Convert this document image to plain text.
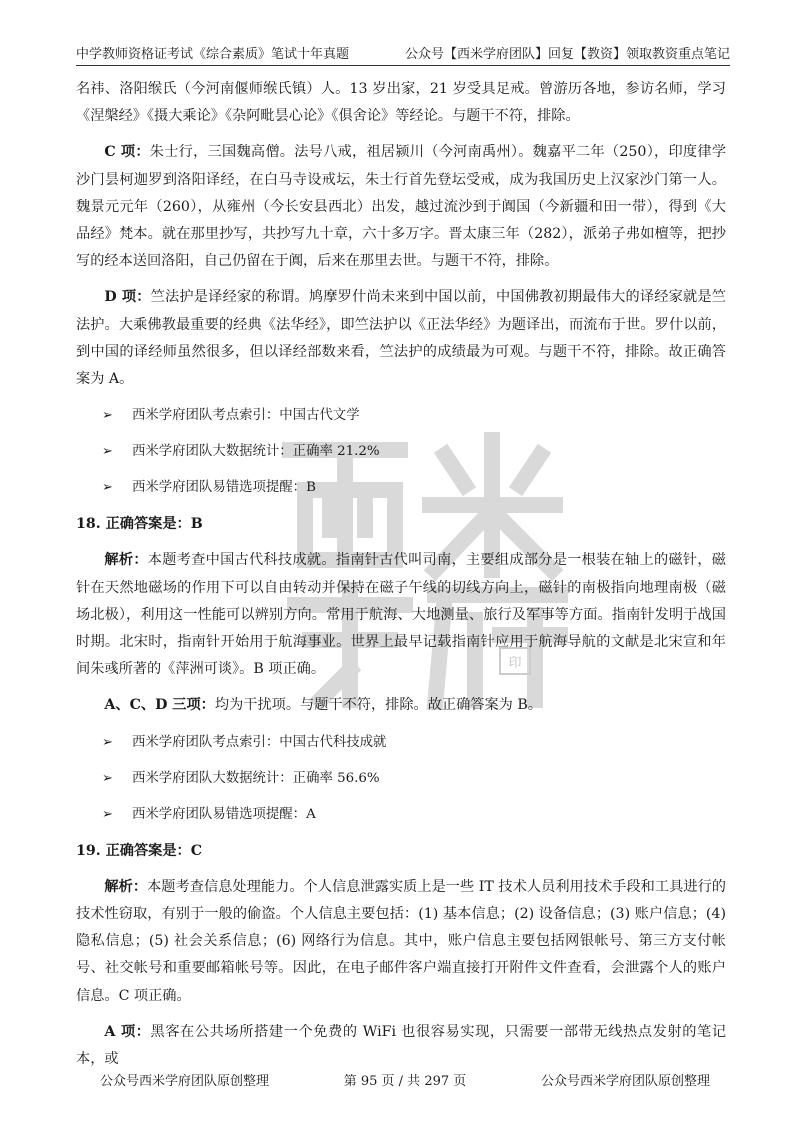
中学教师资格证考试《综合素质》笔试十年真题	公众号【西米学府团队】回复【教资】领取教资重点笔记
印

名祎、洛阳缑氏（今河南偃师缑氏镇）人。13 岁出家，21 岁受具足戒。曾游历各地，参访名师，学习《涅槃经》《摄大乘论》《杂阿毗昙心论》《俱舍论》等经论。与题干不符，排除。

C 项：朱士行，三国魏高僧。法号八戒，祖居颍川（今河南禹州）。魏嘉平二年（250），印度律学沙门昙柯迦罗到洛阳译经，在白马寺设戒坛，朱士行首先登坛受戒，成为我国历史上汉家沙门第一人。魏景元元年（260），从雍州（今长安县西北）出发，越过流沙到于阗国（今新疆和田一带），得到《大品经》梵本。就在那里抄写，共抄写九十章，六十多万字。晋太康三年（282），派弟子弗如檀等，把抄写的经本送回洛阳，自己仍留在于阗，后来在那里去世。与题干不符，排除。

D 项：竺法护是译经家的称谓。鸠摩罗什尚未来到中国以前，中国佛教初期最伟大的译经家就是竺法护。大乘佛教最重要的经典《法华经》，即竺法护以《正法华经》为题译出，而流布于世。罗什以前，到中国的译经师虽然很多，但以译经部数来看，竺法护的成绩最为可观。与题干不符，排除。故正确答案为 A。

➢ 西米学府团队考点索引：中国古代文学
➢ 西米学府团队大数据统计：正确率 21.2%
➢ 西米学府团队易错选项提醒：B
18. 正确答案是：B

解析：本题考查中国古代科技成就。指南针古代叫司南，主要组成部分是一根装在轴上的磁针，磁针在天然地磁场的作用下可以自由转动并保持在磁子午线的切线方向上，磁针的南极指向地理南极（磁场北极），利用这一性能可以辨别方向。常用于航海、大地测量、旅行及军事等方面。指南针发明于战国时期。北宋时，指南针开始用于航海事业。世界上最早记载指南针应用于航海导航的文献是北宋宣和年间朱彧所著的《萍洲可谈》。B 项正确。

A、C、D 三项：均为干扰项。与题干不符，排除。故正确答案为 B。

➢ 西米学府团队考点索引：中国古代科技成就
➢ 西米学府团队大数据统计：正确率 56.6%
➢ 西米学府团队易错选项提醒：A
19. 正确答案是：C

解析：本题考查信息处理能力。个人信息泄露实质上是一些 IT 技术人员利用技术手段和工具进行的技术性窃取，有别于一般的偷盗。个人信息主要包括：(1) 基本信息；(2) 设备信息；(3) 账户信息；(4) 隐私信息；(5) 社会关系信息；(6) 网络行为信息。其中，账户信息主要包括网银帐号、第三方支付帐号、社交帐号和重要邮箱帐号等。因此，在电子邮件客户端直接打开附件文件查看，会泄露个人的账户信息。C 项正确。

A 项：黑客在公共场所搭建一个免费的 WiFi 也很容易实现，只需要一部带无线热点发射的笔记本，或

公众号西米学府团队原创整理	第 95 页 / 共 297 页	公众号西米学府团队原创整理
